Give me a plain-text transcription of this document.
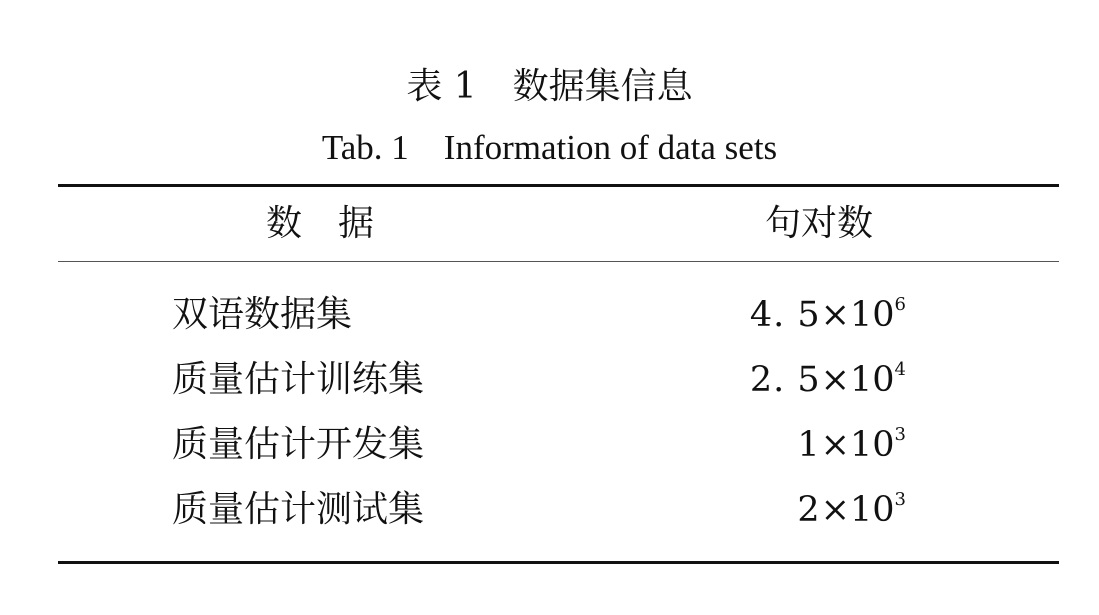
表 1　数据集信息
Tab. 1　Information of data sets
数　据	句对数
双语数据集	4. $5\times 10^6$
质量估计训练集	2. $5\times 10^4$
质量估计开发集	$1\times 10^3$
质量估计测试集	$2\times 10^3$
